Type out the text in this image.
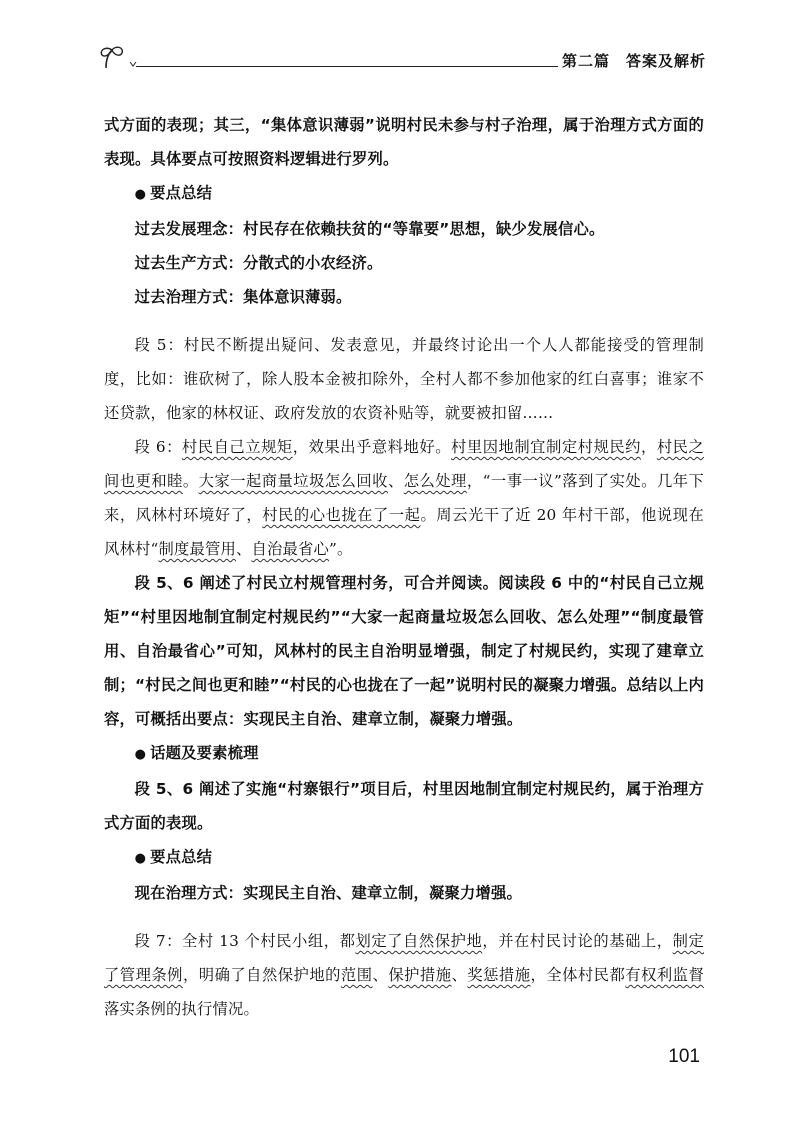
第二篇　答案及解析

式方面的表现；其三，“集体意识薄弱”说明村民未参与村子治理，属于治理方式方面的表现。具体要点可按照资料逻辑进行罗列。

● 要点总结

过去发展理念：村民存在依赖扶贫的“等靠要”思想，缺少发展信心。

过去生产方式：分散式的小农经济。

过去治理方式：集体意识薄弱。

段 5：村民不断提出疑问、发表意见，并最终讨论出一个人人都能接受的管理制度，比如：谁砍树了，除人股本金被扣除外，全村人都不参加他家的红白喜事；谁家不还贷款，他家的林权证、政府发放的农资补贴等，就要被扣留……

段 6：村民自己立规矩，效果出乎意料地好。村里因地制宜制定村规民约，村民之间也更和睦。大家一起商量垃圾怎么回收、怎么处理，“一事一议”落到了实处。几年下来，风林村环境好了，村民的心也拢在了一起。周云光干了近 20 年村干部，他说现在风林村“制度最管用、自治最省心”。

段 5、6 阐述了村民立村规管理村务，可合并阅读。阅读段 6 中的“村民自己立规矩”“村里因地制宜制定村规民约”“大家一起商量垃圾怎么回收、怎么处理”“制度最管用、自治最省心”可知，风林村的民主自治明显增强，制定了村规民约，实现了建章立制；“村民之间也更和睦”“村民的心也拢在了一起”说明村民的凝聚力增强。总结以上内容，可概括出要点：实现民主自治、建章立制，凝聚力增强。

● 话题及要素梳理

段 5、6 阐述了实施“村寨银行”项目后，村里因地制宜制定村规民约，属于治理方式方面的表现。

● 要点总结

现在治理方式：实现民主自治、建章立制，凝聚力增强。

段 7：全村 13 个村民小组，都划定了自然保护地，并在村民讨论的基础上，制定了管理条例，明确了自然保护地的范围、保护措施、奖惩措施，全体村民都有权利监督落实条例的执行情况。

101
